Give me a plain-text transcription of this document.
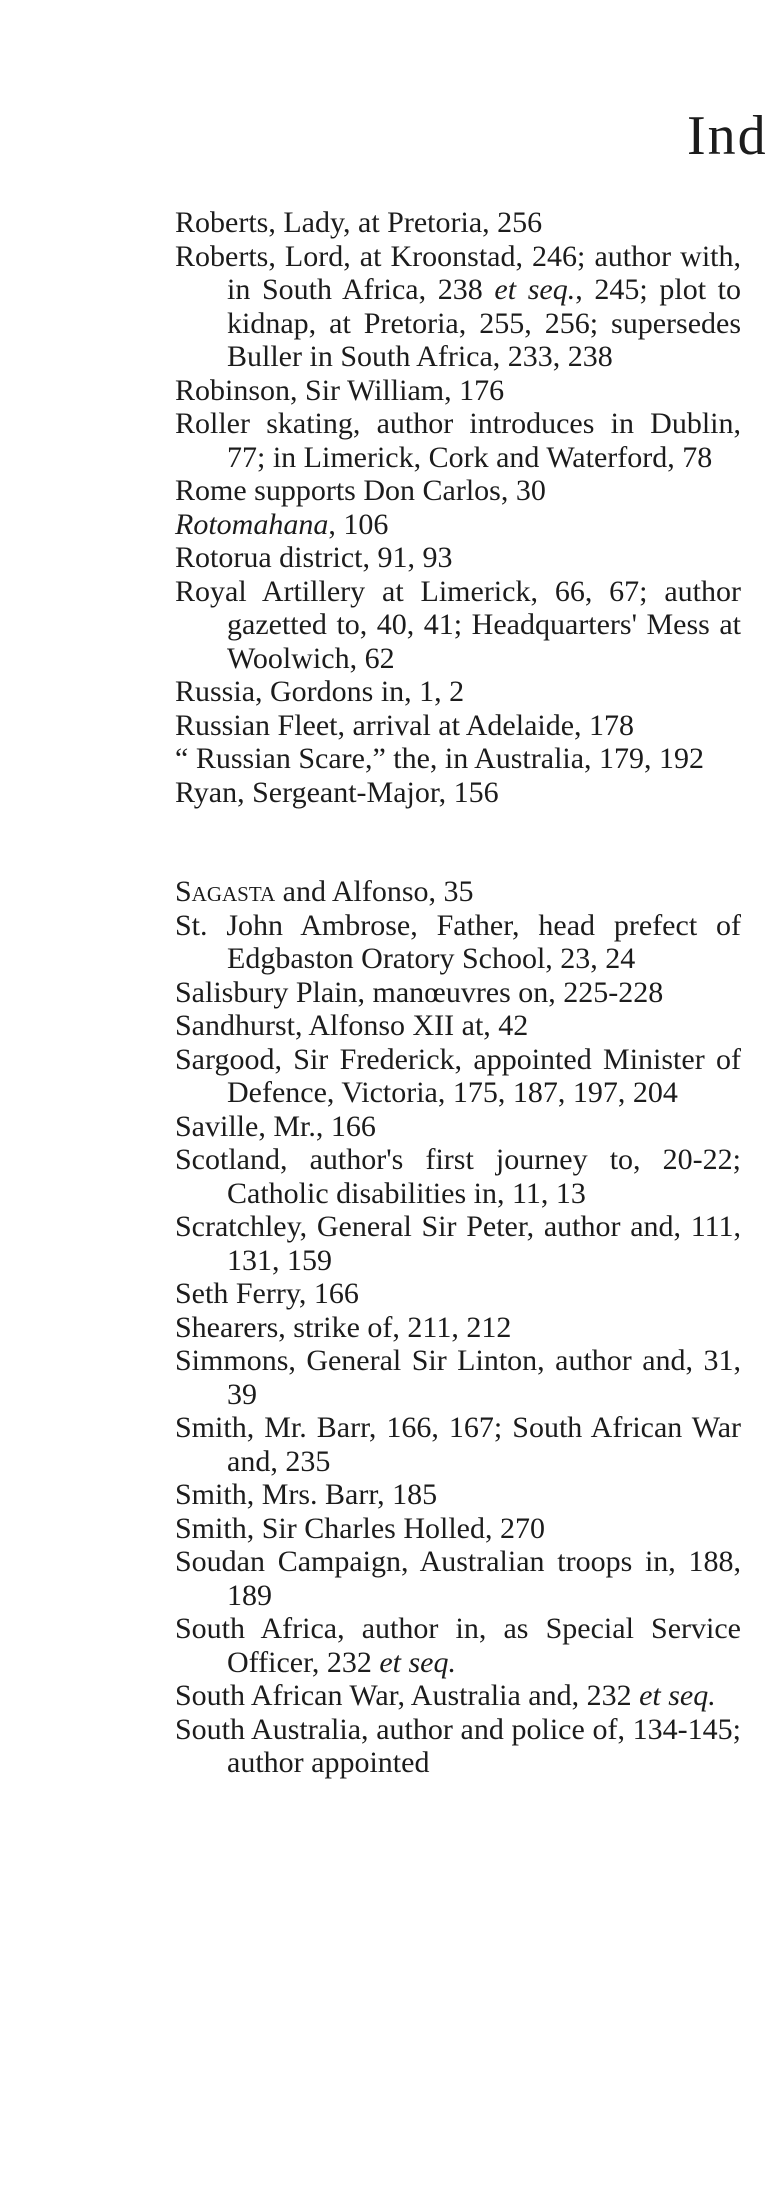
Ind

Roberts, Lady, at Pretoria, 256

Roberts, Lord, at Kroonstad, 246; author with, in South Africa, 238 et seq., 245; plot to kidnap, at Pretoria, 255, 256; supersedes Buller in South Africa, 233, 238

Robinson, Sir William, 176

Roller skating, author introduces in Dublin, 77; in Limerick, Cork and Waterford, 78

Rome supports Don Carlos, 30

Rotomahana, 106

Rotorua district, 91, 93

Royal Artillery at Limerick, 66, 67; author gazetted to, 40, 41; Headquarters' Mess at Woolwich, 62

Russia, Gordons in, 1, 2

Russian Fleet, arrival at Adelaide, 178

“ Russian Scare,” the, in Australia, 179, 192

Ryan, Sergeant-Major, 156

Sagasta and Alfonso, 35

St. John Ambrose, Father, head prefect of Edgbaston Oratory School, 23, 24

Salisbury Plain, manœuvres on, 225-228

Sandhurst, Alfonso XII at, 42

Sargood, Sir Frederick, appointed Minister of Defence, Victoria, 175, 187, 197, 204

Saville, Mr., 166

Scotland, author's first journey to, 20-22; Catholic disabilities in, 11, 13

Scratchley, General Sir Peter, author and, 111, 131, 159

Seth Ferry, 166

Shearers, strike of, 211, 212

Simmons, General Sir Linton, author and, 31, 39

Smith, Mr. Barr, 166, 167; South African War and, 235

Smith, Mrs. Barr, 185

Smith, Sir Charles Holled, 270

Soudan Campaign, Australian troops in, 188, 189

South Africa, author in, as Special Service Officer, 232 et seq.

South African War, Australia and, 232 et seq.

South Australia, author and police of, 134-145; author appointed
